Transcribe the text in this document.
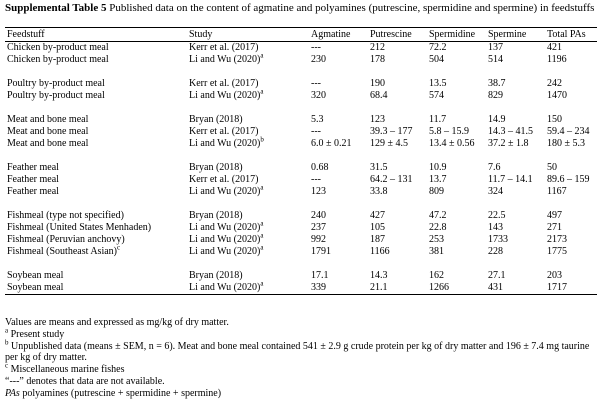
Supplemental Table 5 Published data on the content of agmatine and polyamines (putrescine, spermidine and spermine) in feedstuffs
Feedstuff	Study	Agmatine	Putrescine	Spermidine	Spermine	Total PAs
Chicken by-product meal	Kerr et al. (2017)	---	212	72.2	137	421
Chicken by-product meal	Li and Wu $(2020)^a$	230	178	504	514	1196

Poultry by-product meal	Kerr et al. (2017)	---	190	13.5	38.7	242
Poultry by-product meal	Li and Wu $(2020)^a$	320	68.4	574	829	1470

Meat and bone meal	Bryan (2018)	5.3	123	11.7	14.9	150
Meat and bone meal	Kerr et al. (2017)	---	39.3 – 177	5.8 – 15.9	14.3 – 41.5	59.4 – 234
Meat and bone meal	Li and Wu $(2020)^b$	6.0 ± 0.21	129 ± 4.5	13.4 ± 0.56	37.2 ± 1.8	180 ± 5.3

Feather meal	Bryan (2018)	0.68	31.5	10.9	7.6	50
Feather meal	Kerr et al. (2017)	---	64.2 – 131	13.7	11.7 – 14.1	89.6 – 159
Feather meal	Li and Wu $(2020)^a$	123	33.8	809	324	1167

Fishmeal (type not specified)	Bryan (2018)	240	427	47.2	22.5	497
Fishmeal (United States Menhaden)	Li and Wu $(2020)^a$	237	105	22.8	143	271
Fishmeal (Peruvian anchovy)	Li and Wu $(2020)^a$	992	187	253	1733	2173
Fishmeal (Southeast Asian)$^c$	Li and Wu $(2020)^a$	1791	1166	381	228	1775

Soybean meal	Bryan (2018)	17.1	14.3	162	27.1	203
Soybean meal	Li and Wu $(2020)^a$	339	21.1	1266	431	1717
Values are means and expressed as mg/kg of dry matter.
$^a$ Present study
$^b$ Unpublished data (means ± SEM, n = 6). Meat and bone meal contained 541 ± 2.9 g crude protein per kg of dry matter and 196 ± 7.4 mg taurine per kg of dry matter.
$^c$ Miscellaneous marine fishes
“---” denotes that data are not available.
PAs polyamines (putrescine + spermidine + spermine)
